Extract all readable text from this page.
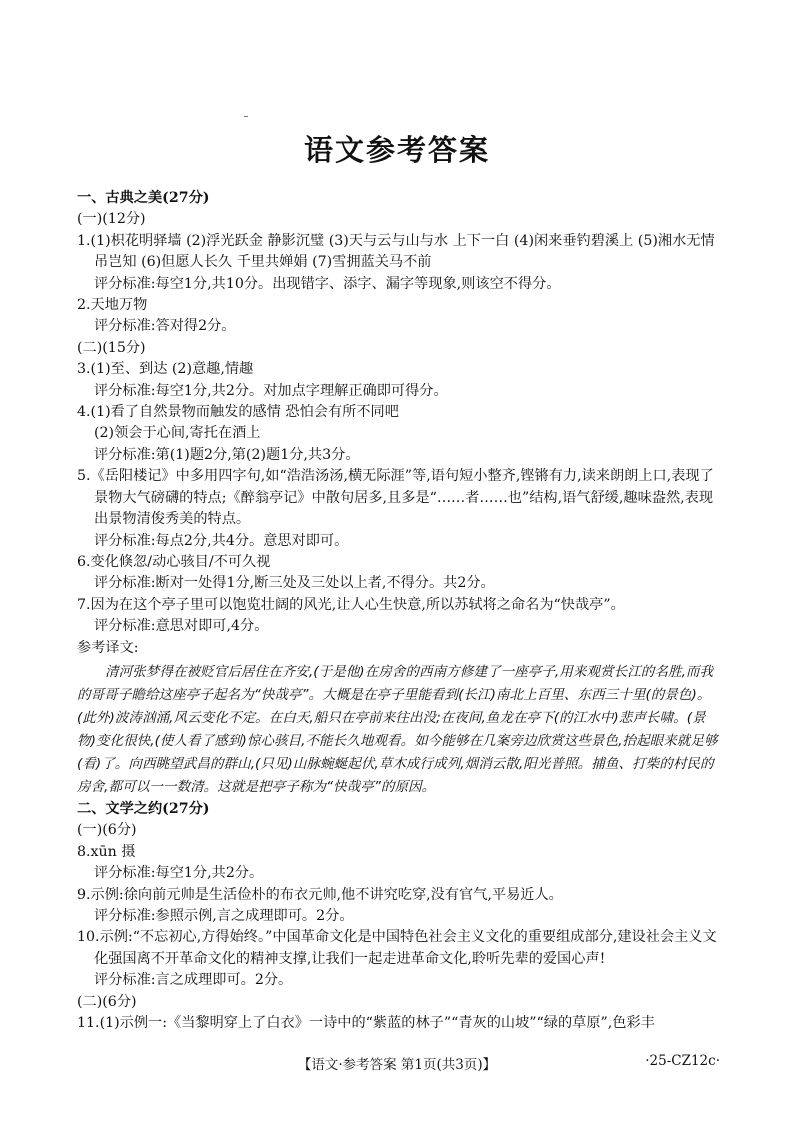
语文参考答案

一、古典之美(27分)

(一)(12分)

1.(1)枳花明驿墙 (2)浮光跃金 静影沉璧 (3)天与云与山与水 上下一白 (4)闲来垂钓碧溪上 (5)湘水无情吊岂知 (6)但愿人长久 千里共婵娟 (7)雪拥蓝关马不前

评分标准:每空1分,共10分。出现错字、添字、漏字等现象,则该空不得分。

2.天地万物

评分标准:答对得2分。

(二)(15分)

3.(1)至、到达 (2)意趣,情趣

评分标准:每空1分,共2分。对加点字理解正确即可得分。

4.(1)看了自然景物而触发的感情 恐怕会有所不同吧

(2)领会于心间,寄托在酒上

评分标准:第(1)题2分,第(2)题1分,共3分。

5.《岳阳楼记》中多用四字句,如“浩浩汤汤,横无际涯”等,语句短小整齐,铿锵有力,读来朗朗上口,表现了景物大气磅礴的特点;《醉翁亭记》中散句居多,且多是“……者……也”结构,语气舒缓,趣味盎然,表现出景物清俊秀美的特点。

评分标准:每点2分,共4分。意思对即可。

6.变化倏忽/动心骇目/不可久视

评分标准:断对一处得1分,断三处及三处以上者,不得分。共2分。

7.因为在这个亭子里可以饱览壮阔的风光,让人心生快意,所以苏轼将之命名为“快哉亭”。

评分标准:意思对即可,4分。

参考译文:

清河张梦得在被贬官后居住在齐安,(于是他)在房舍的西南方修建了一座亭子,用来观赏长江的名胜,而我的哥哥子瞻给这座亭子起名为“快哉亭”。大概是在亭子里能看到(长江)南北上百里、东西三十里(的景色)。(此外)波涛汹涌,风云变化不定。在白天,船只在亭前来往出没;在夜间,鱼龙在亭下(的江水中)悲声长啸。(景物)变化很快,(使人看了感到)惊心骇目,不能长久地观看。如今能够在几案旁边欣赏这些景色,抬起眼来就足够(看)了。向西眺望武昌的群山,(只见)山脉蜿蜒起伏,草木成行成列,烟消云散,阳光普照。捕鱼、打柴的村民的房舍,都可以一一数清。这就是把亭子称为“快哉亭”的原因。

二、文学之约(27分)

(一)(6分)

8.xūn 摄

评分标准:每空1分,共2分。

9.示例:徐向前元帅是生活俭朴的布衣元帅,他不讲究吃穿,没有官气,平易近人。

评分标准:参照示例,言之成理即可。2分。

10.示例:“不忘初心,方得始终。”中国革命文化是中国特色社会主义文化的重要组成部分,建设社会主义文化强国离不开革命文化的精神支撑,让我们一起走进革命文化,聆听先辈的爱国心声!

评分标准:言之成理即可。2分。

(二)(6分)

11.(1)示例一:《当黎明穿上了白衣》一诗中的“紫蓝的林子”“青灰的山坡”“绿的草原”,色彩丰

【语文·参考答案 第1页(共3页)】	·25-CZ12c·
